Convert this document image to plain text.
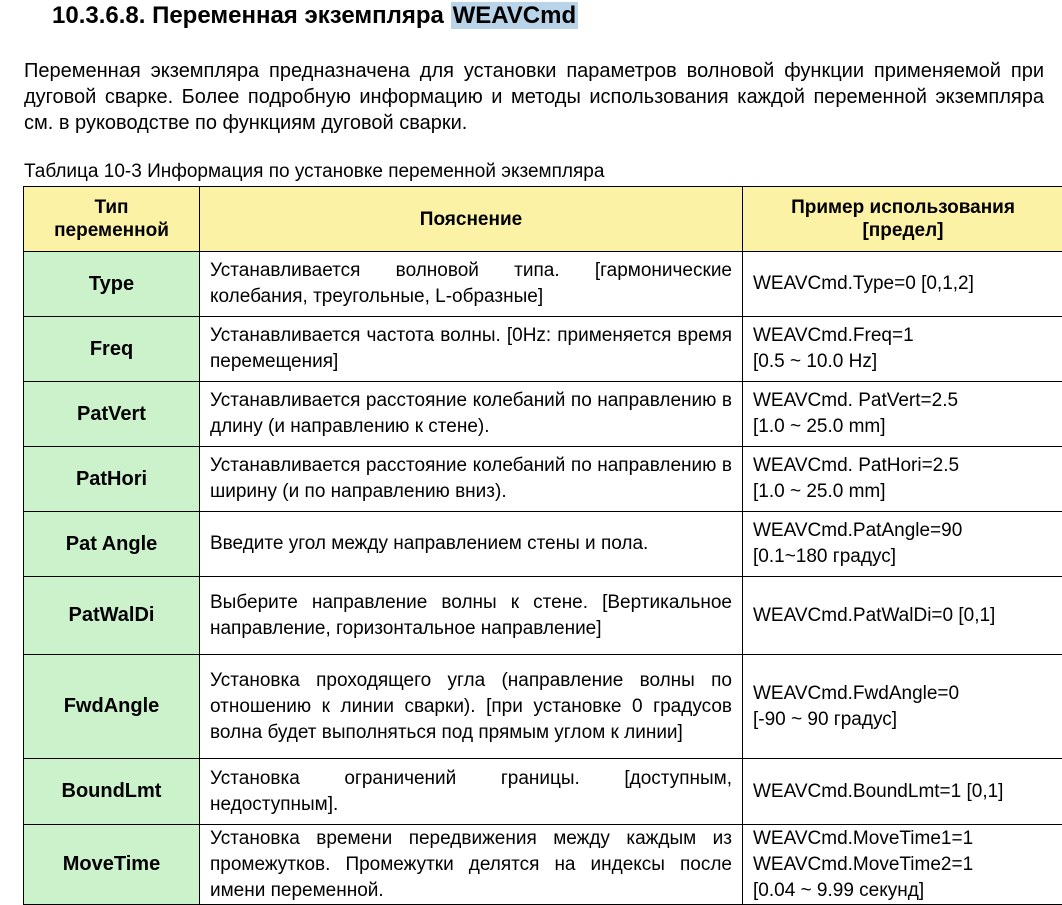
10.3.6.8. Переменная экземпляра WEAVCmd

Переменная экземпляра предназначена для установки параметров волновой функции применяемой при дуговой сварке. Более подробную информацию и методы использования каждой переменной экземпляра см. в руководстве по функциям дуговой сварки.

Таблица 10-3 Информация по установке переменной экземпляра
Тип переменной	Пояснение	Пример использования [предел]
Type	Устанавливается волновой типа. [гармонические колебания, треугольные, L-образные]	WEAVCmd.Type=0 [0,1,2]

Freq	Устанавливается частота волны. [0Hz: применяется время перемещения]	WEAVCmd.Freq=1
[0.5 ~ 10.0 Hz]

PatVert	Устанавливается расстояние колебаний по направлению в длину (и направлению к стене).	WEAVCmd. PatVert=2.5
[1.0 ~ 25.0 mm]

PatHori	Устанавливается расстояние колебаний по направлению в ширину (и по направлению вниз).	WEAVCmd. PatHori=2.5
[1.0 ~ 25.0 mm]

Pat Angle	Введите угол между направлением стены и пола.	WEAVCmd.PatAngle=90
[0.1~180 градус]

PatWalDi	Выберите направление волны к стене. [Вертикальное направление, горизонтальное направление]	WEAVCmd.PatWalDi=0 [0,1]

FwdAngle	Установка проходящего угла (направление волны по отношению к линии сварки). [при установке 0 градусов волна будет выполняться под прямым углом к линии]	WEAVCmd.FwdAngle=0
[-90 ~ 90 градус]

BoundLmt	Установка ограничений границы. [доступным, недоступным].	WEAVCmd.BoundLmt=1 [0,1]

MoveTime	Установка времени передвижения между каждым из промежутков. Промежутки делятся на индексы после имени переменной.	WEAVCmd.MoveTime1=1
WEAVCmd.MoveTime2=1
[0.04 ~ 9.99 секунд]
